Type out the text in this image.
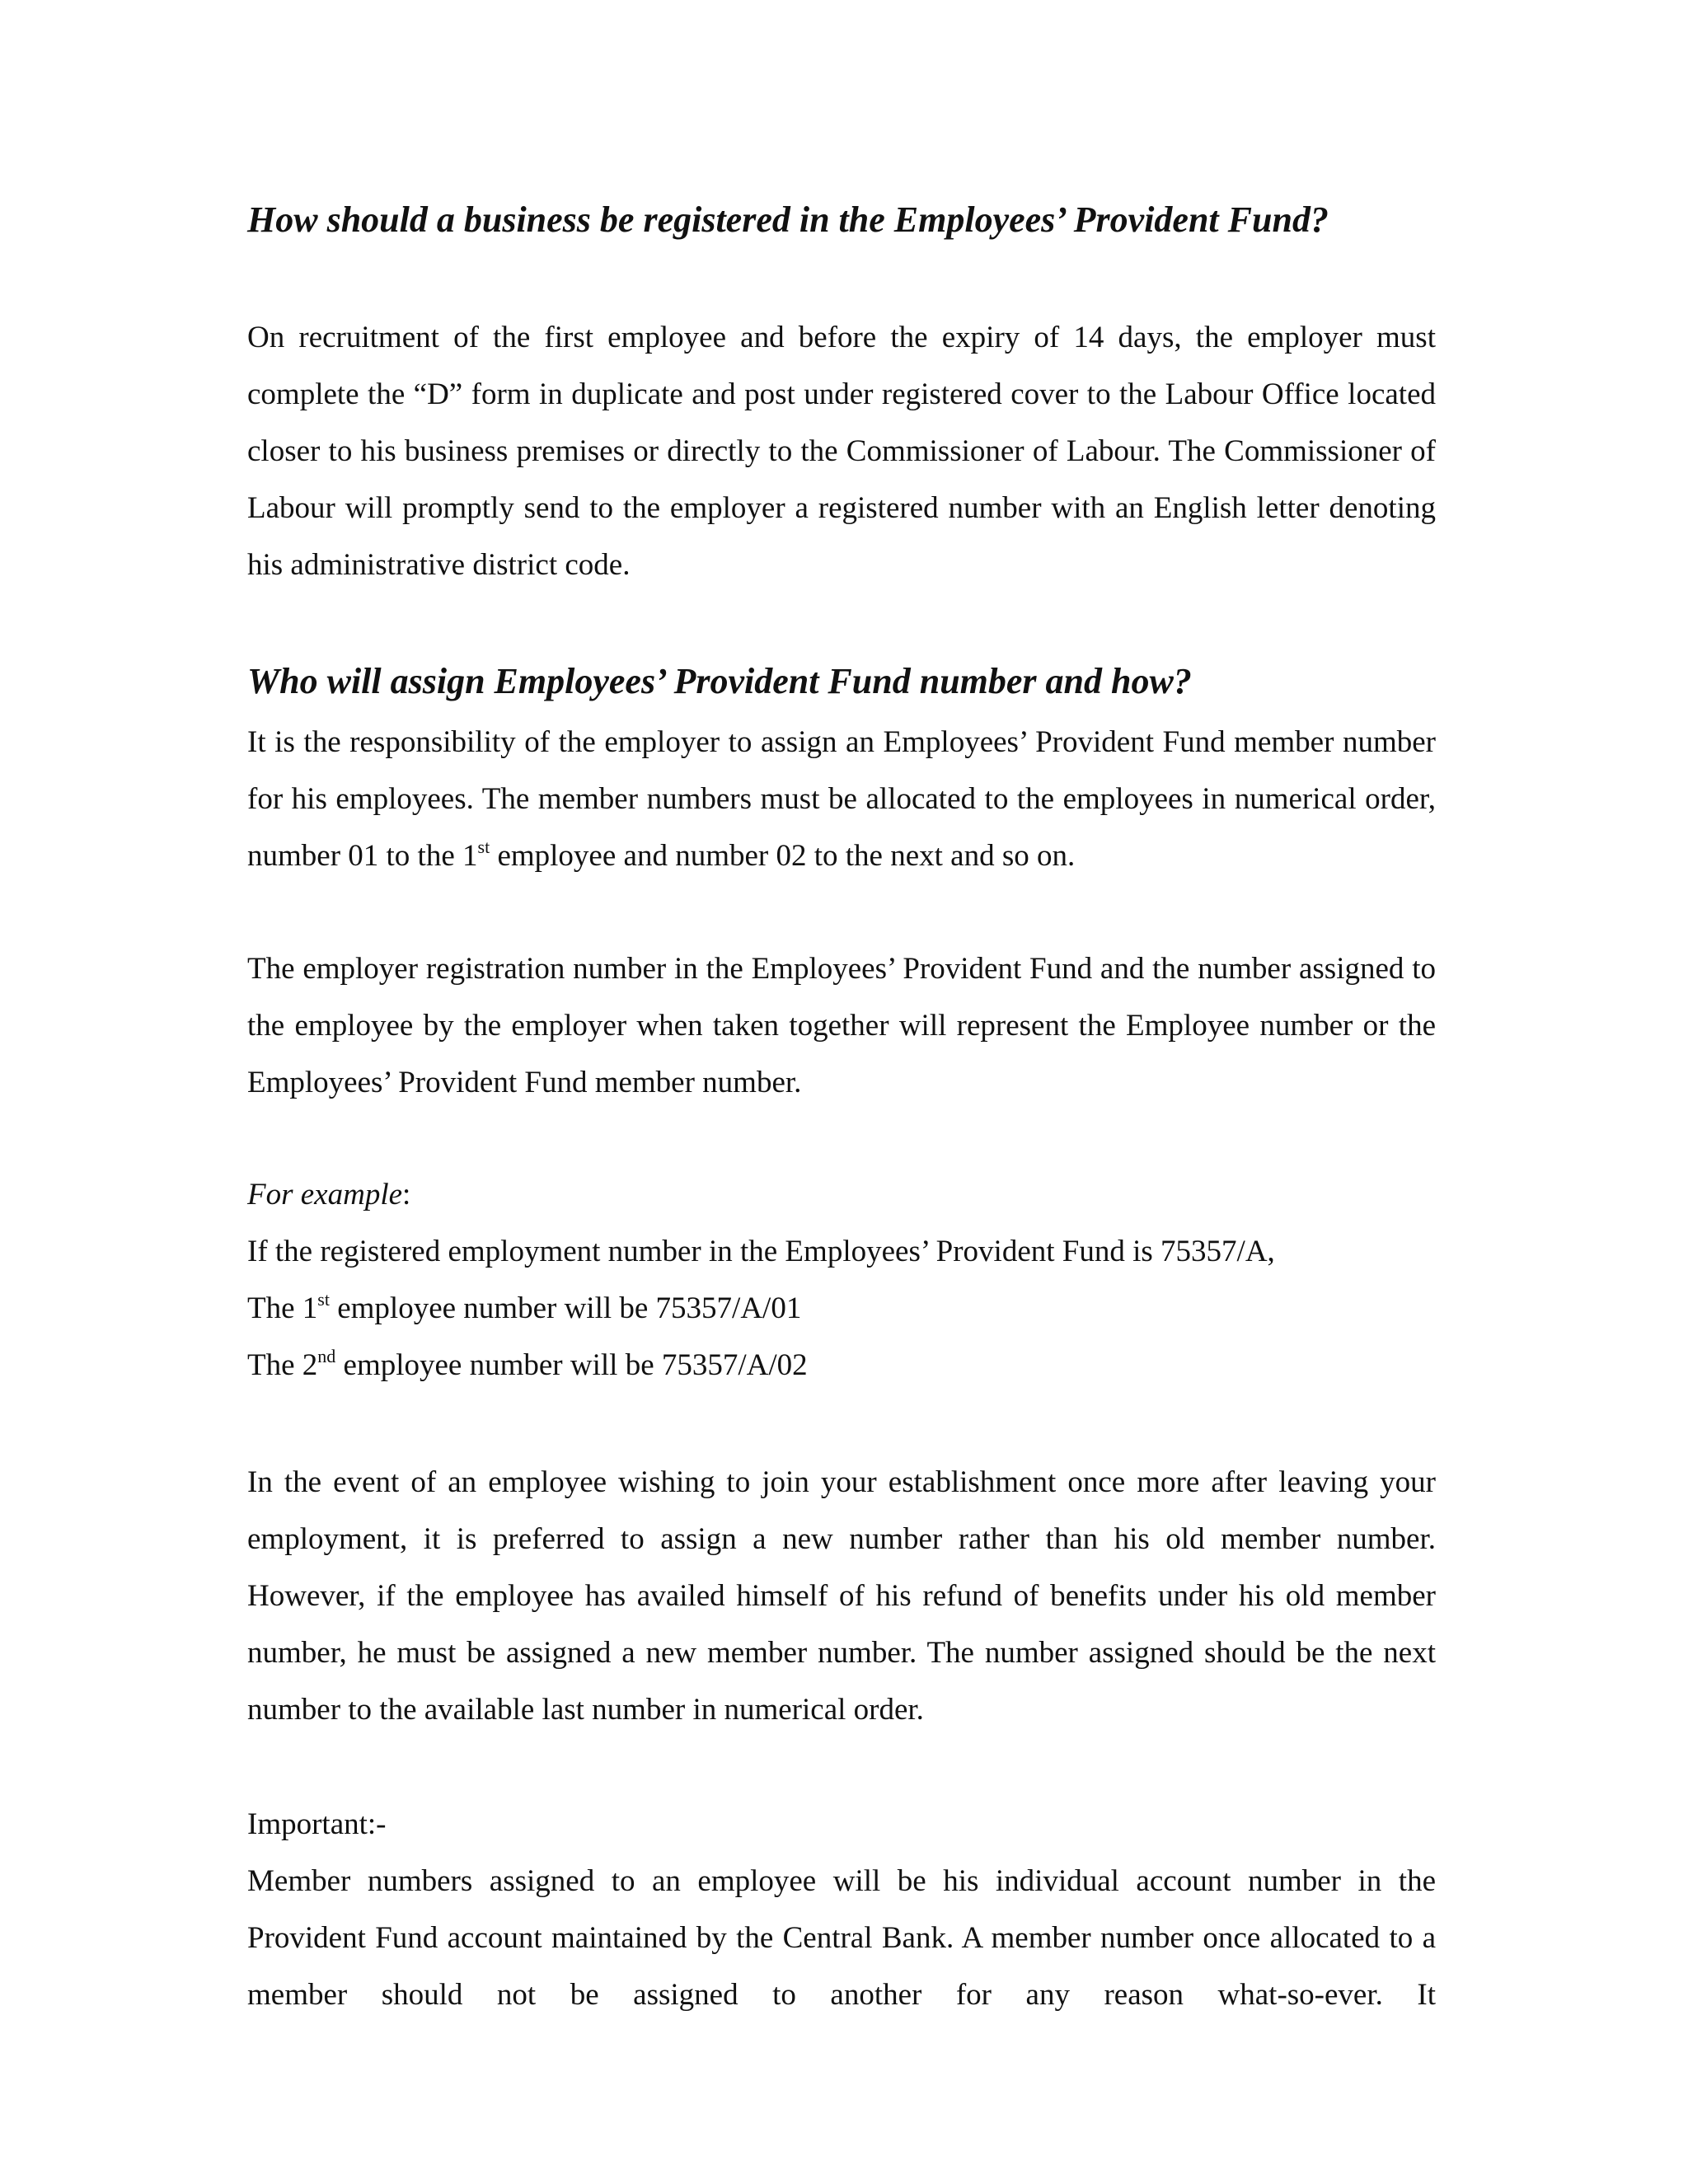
How should a business be registered in the Employees’ Provident Fund?
On recruitment of the first employee and before the expiry of 14 days, the employer must complete the “D” form in duplicate and post under registered cover to the Labour Office located closer to his business premises or directly to the Commissioner of Labour. The Commissioner of Labour will promptly send to the employer a registered number with an English letter denoting his administrative district code.
Who will assign Employees’ Provident Fund number and how?
It is the responsibility of the employer to assign an Employees’ Provident Fund member number for his employees. The member numbers must be allocated to the employees in numerical order, number 01 to the 1st employee and number 02 to the next and so on.
The employer registration number in the Employees’ Provident Fund and the number assigned to the employee by the employer when taken together will represent the Employee number or the Employees’ Provident Fund member number.
For example:
If the registered employment number in the Employees’ Provident Fund is 75357/A,
The 1st employee number will be 75357/A/01
The 2nd employee number will be 75357/A/02
In the event of an employee wishing to join your establishment once more after leaving your employment, it is preferred to assign a new number rather than his old member number. However, if the employee has availed himself of his refund of benefits under his old member number, he must be assigned a new member number. The number assigned should be the next number to the available last number in numerical order.
Important:-
Member numbers assigned to an employee will be his individual account number in the Provident Fund account maintained by the Central Bank. A member number once allocated to a member should not be assigned to another for any reason what-so-ever. It
